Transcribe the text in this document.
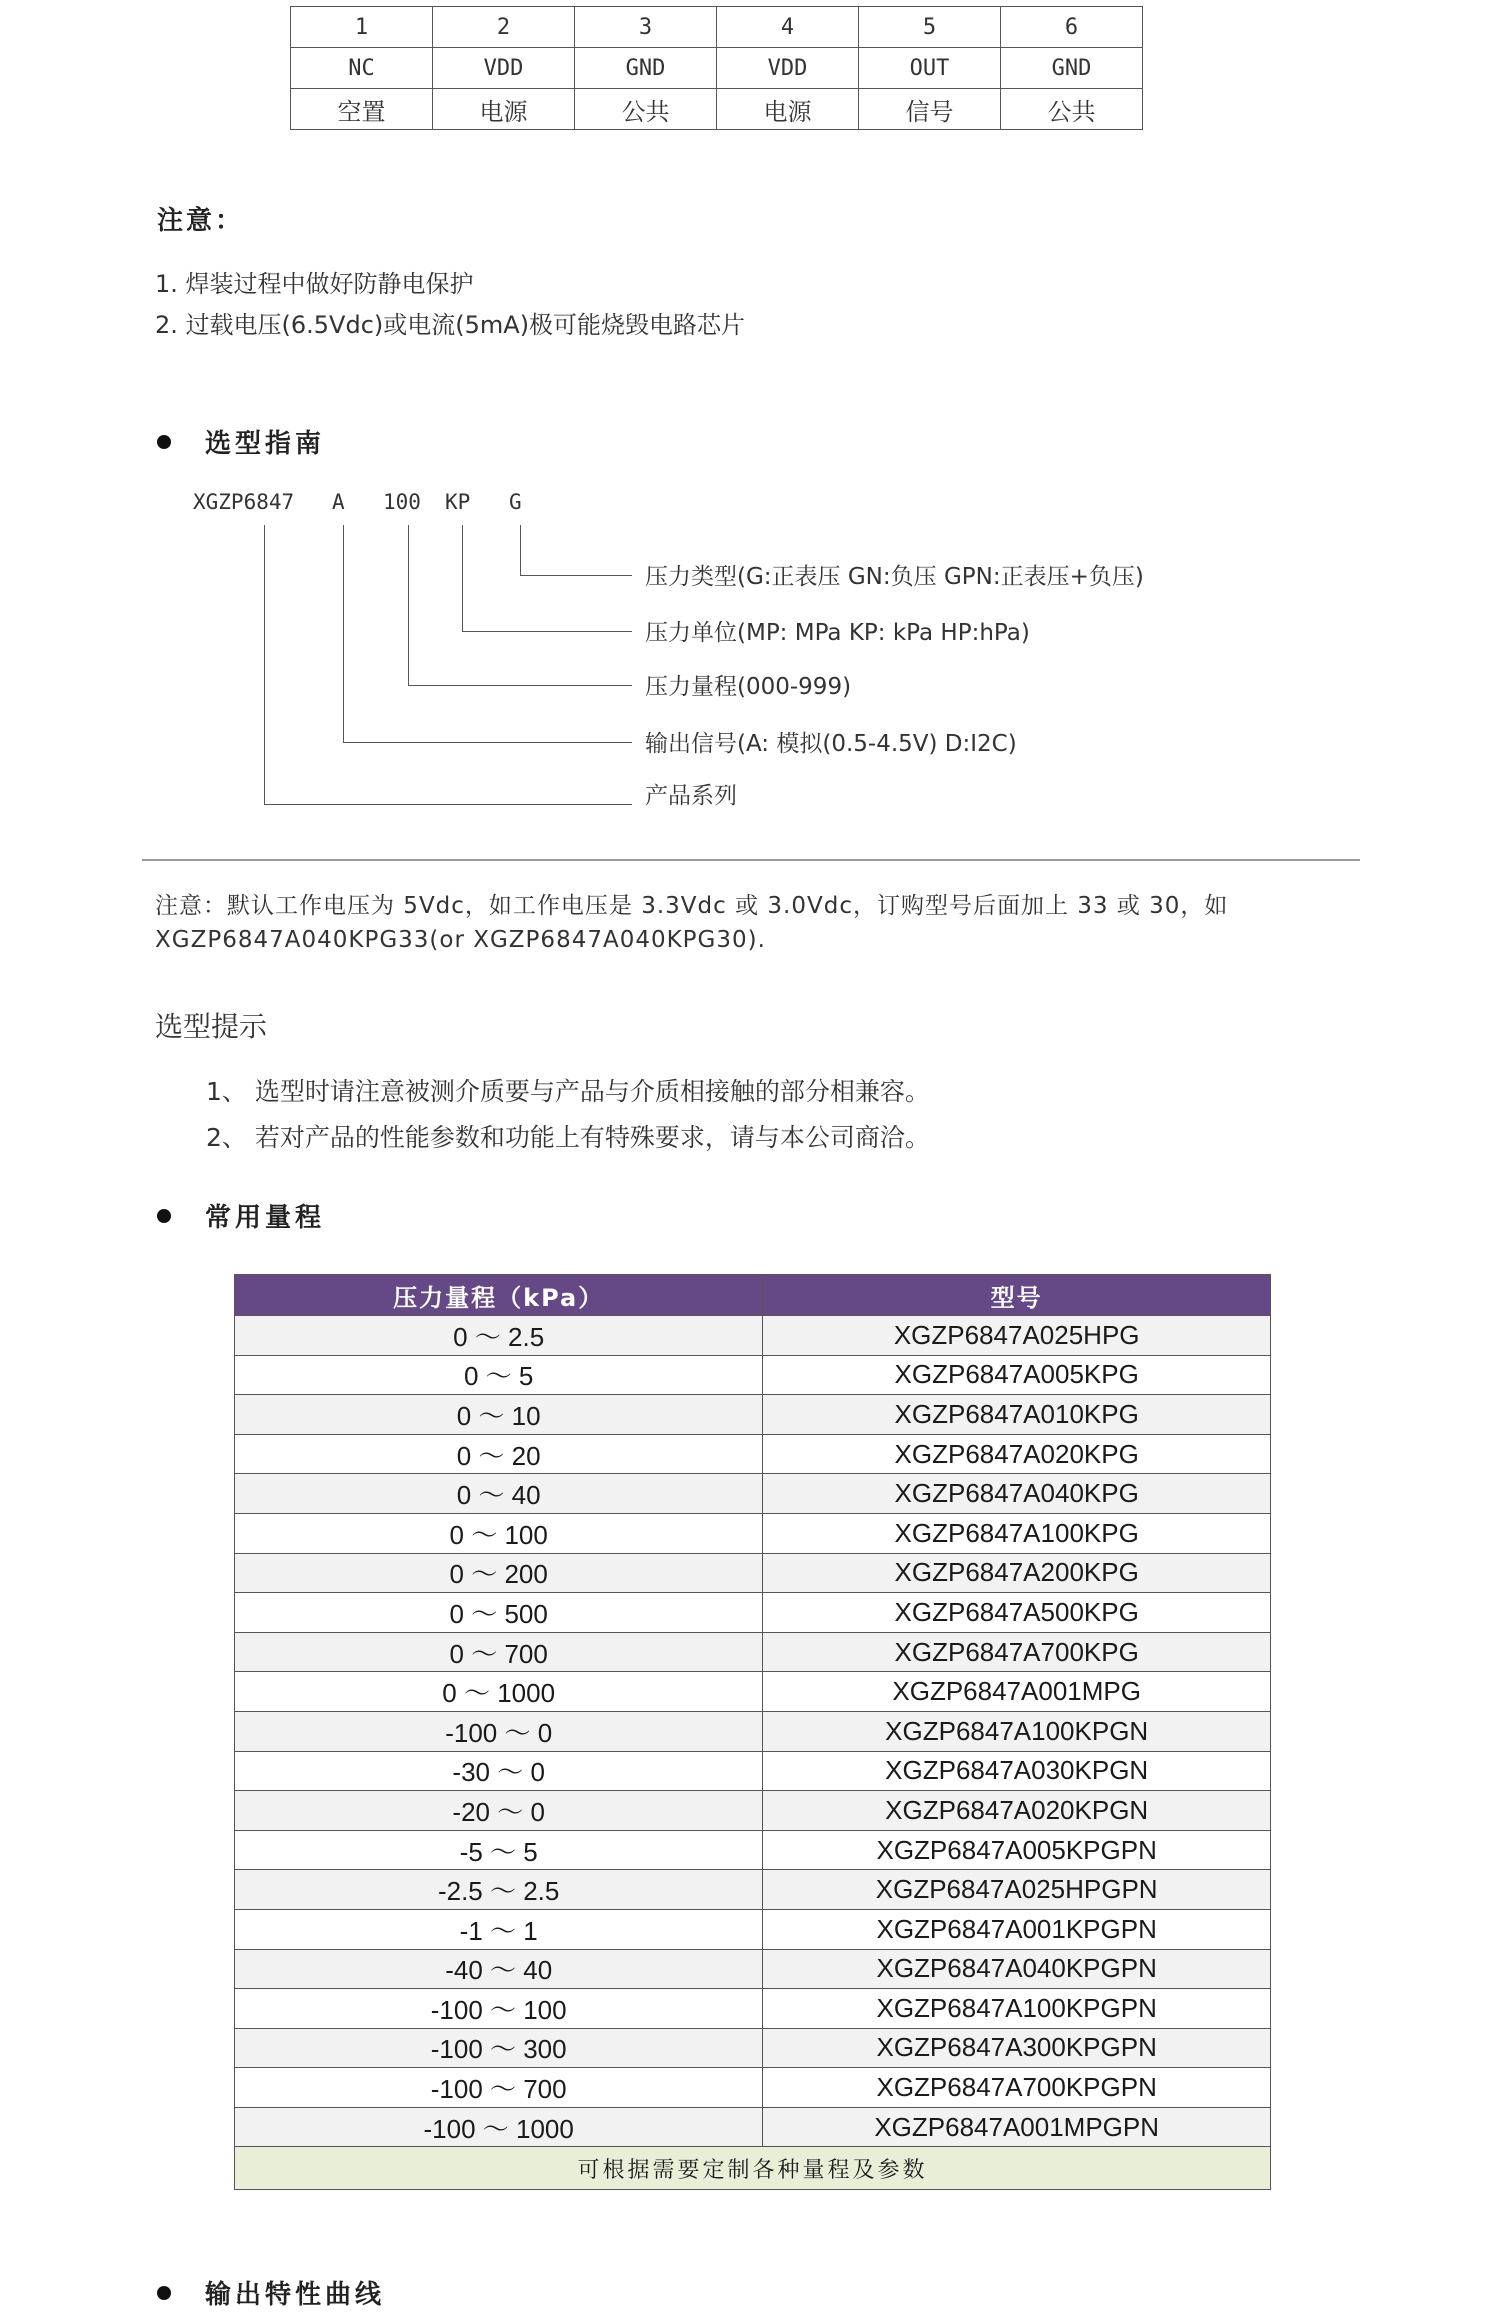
1	2	3	4	5	6
NC	VDD	GND	VDD	OUT	GND
空置	电源	公共	电源	信号	公共
注意：
1. 焊装过程中做好防静电保护
2. 过载电压(6.5Vdc)或电流(5mA)极可能烧毁电路芯片
选型指南
XGZP6847 A 100 KP G
压力类型(G:正表压 GN:负压 GPN:正表压+负压)
压力单位(MP: MPa KP: kPa HP:hPa)
压力量程(000-999)
输出信号(A: 模拟(0.5-4.5V) D:I2C)
产品系列
注意：默认工作电压为 5Vdc，如工作电压是 3.3Vdc 或 3.0Vdc，订购型号后面加上 33 或 30，如
XGZP6847A040KPG33(or XGZP6847A040KPG30).
选型提示
1、 选型时请注意被测介质要与产品与介质相接触的部分相兼容。
2、 若对产品的性能参数和功能上有特殊要求，请与本公司商洽。
常用量程
压力量程（kPa）	型号
0 ～ 2.5	XGZP6847A025HPG
0 ～ 5	XGZP6847A005KPG
0 ～ 10	XGZP6847A010KPG
0 ～ 20	XGZP6847A020KPG
0 ～ 40	XGZP6847A040KPG
0 ～ 100	XGZP6847A100KPG
0 ～ 200	XGZP6847A200KPG
0 ～ 500	XGZP6847A500KPG
0 ～ 700	XGZP6847A700KPG
0 ～ 1000	XGZP6847A001MPG
-100 ～ 0	XGZP6847A100KPGN
-30 ～ 0	XGZP6847A030KPGN
-20 ～ 0	XGZP6847A020KPGN
-5 ～ 5	XGZP6847A005KPGPN
-2.5 ～ 2.5	XGZP6847A025HPGPN
-1 ～ 1	XGZP6847A001KPGPN
-40 ～ 40	XGZP6847A040KPGPN
-100 ～ 100	XGZP6847A100KPGPN
-100 ～ 300	XGZP6847A300KPGPN
-100 ～ 700	XGZP6847A700KPGPN
-100 ～ 1000	XGZP6847A001MPGPN
可根据需要定制各种量程及参数	
输出特性曲线
